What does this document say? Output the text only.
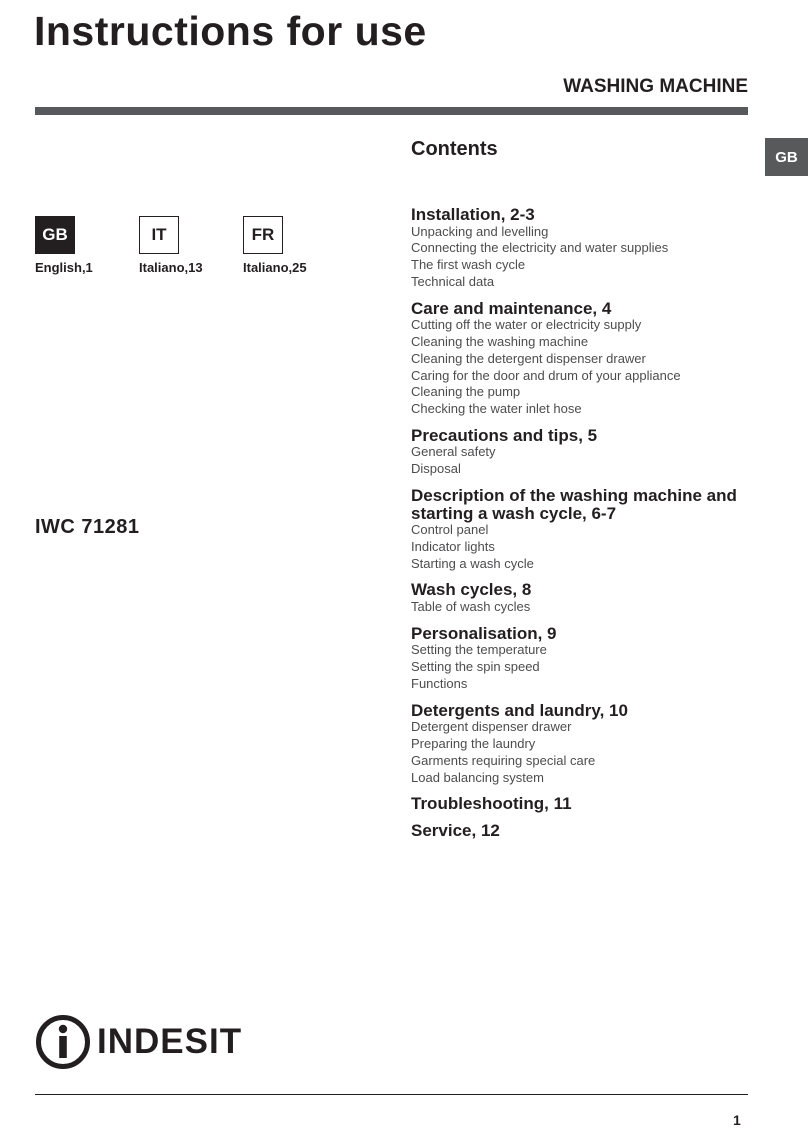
Instructions for use
WASHING MACHINE
GB
GB
English,1
IT
Italiano,13
FR
Italiano,25
IWC 71281
Contents
Installation, 2-3
Unpacking and levelling
Connecting the electricity and water supplies
The first wash cycle
Technical data
Care and maintenance, 4
Cutting off the water or electricity supply
Cleaning the washing machine
Cleaning the detergent dispenser drawer
Caring for the door and drum of your appliance
Cleaning the pump
Checking the water inlet hose
Precautions and tips, 5
General safety
Disposal
Description of the washing machine and starting a wash cycle, 6-7
Control panel
Indicator lights
Starting a wash cycle
Wash cycles, 8
Table of wash cycles
Personalisation, 9
Setting the temperature
Setting the spin speed
Functions
Detergents and laundry, 10
Detergent dispenser drawer
Preparing the laundry
Garments requiring special care
Load balancing system
Troubleshooting, 11
Service, 12
INDESIT
1
